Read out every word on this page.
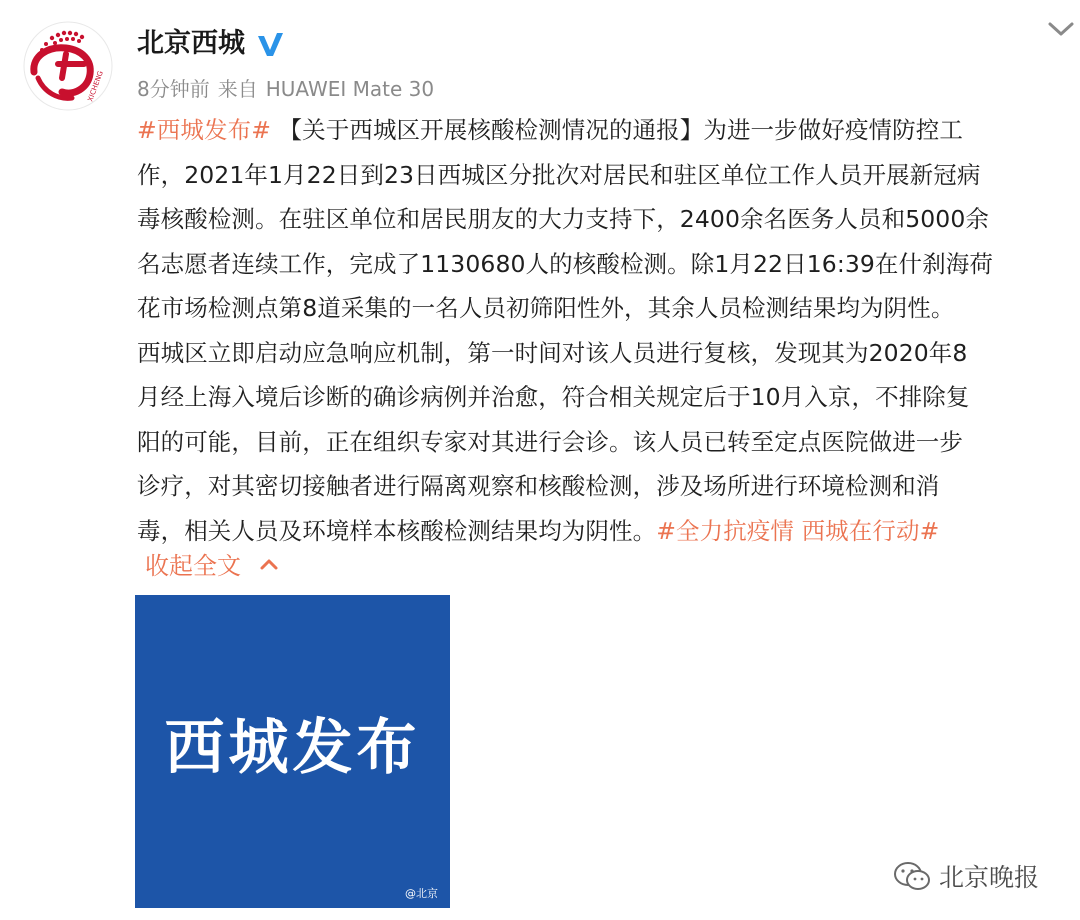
XICHENG
北京西城
8分钟前 来自 HUAWEI Mate 30
#西城发布# 【关于西城区开展核酸检测情况的通报】为进一步做好疫情防控工
作，2021年1月22日到23日西城区分批次对居民和驻区单位工作人员开展新冠病
毒核酸检测。在驻区单位和居民朋友的大力支持下，2400余名医务人员和5000余
名志愿者连续工作，完成了1130680人的核酸检测。除1月22日16:39在什刹海荷
花市场检测点第8道采集的一名人员初筛阳性外，其余人员检测结果均为阴性。
西城区立即启动应急响应机制，第一时间对该人员进行复核，发现其为2020年8
月经上海入境后诊断的确诊病例并治愈，符合相关规定后于10月入京，不排除复
阳的可能，目前，正在组织专家对其进行会诊。该人员已转至定点医院做进一步
诊疗，对其密切接触者进行隔离观察和核酸检测，涉及场所进行环境检测和消
毒，相关人员及环境样本核酸检测结果均为阴性。#全力抗疫情 西城在行动#
收起全文
西城发布
@北京
北京晚报
